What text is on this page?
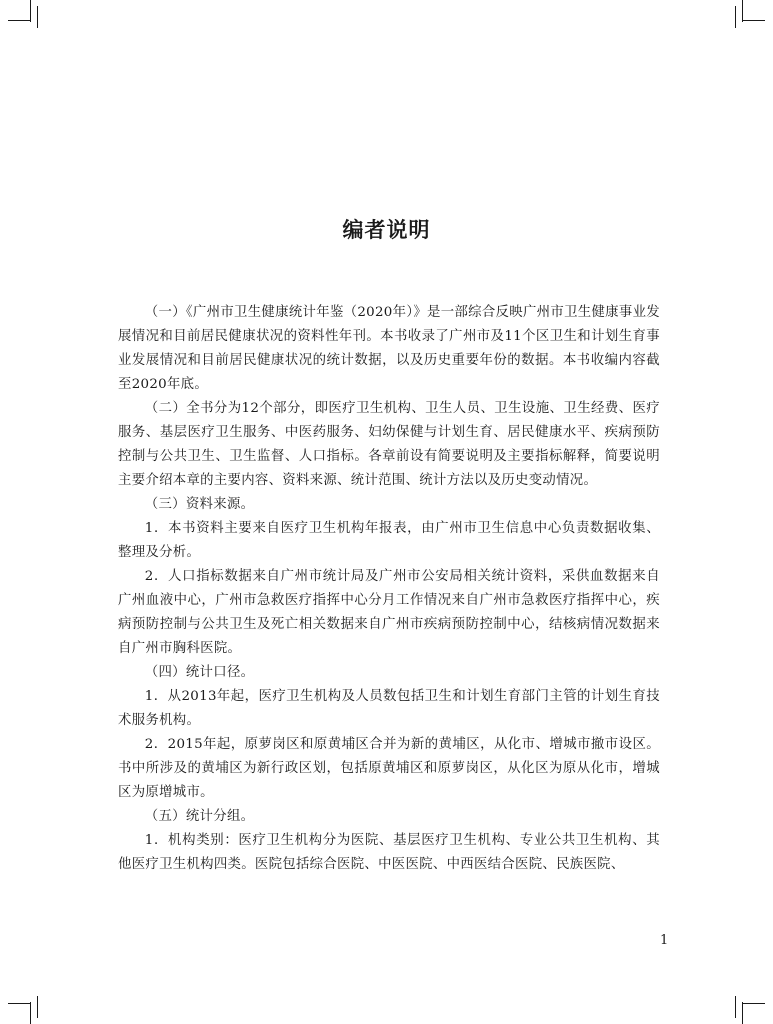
编者说明

（一）《广州市卫生健康统计年鉴（2020年）》是一部综合反映广州市卫生健康事业发展情况和目前居民健康状况的资料性年刊。本书收录了广州市及11个区卫生和计划生育事业发展情况和目前居民健康状况的统计数据，以及历史重要年份的数据。本书收编内容截至2020年底。

（二）全书分为12个部分，即医疗卫生机构、卫生人员、卫生设施、卫生经费、医疗服务、基层医疗卫生服务、中医药服务、妇幼保健与计划生育、居民健康水平、疾病预防控制与公共卫生、卫生监督、人口指标。各章前设有简要说明及主要指标解释，简要说明主要介绍本章的主要内容、资料来源、统计范围、统计方法以及历史变动情况。

（三）资料来源。

1．本书资料主要来自医疗卫生机构年报表，由广州市卫生信息中心负责数据收集、整理及分析。

2．人口指标数据来自广州市统计局及广州市公安局相关统计资料，采供血数据来自广州血液中心，广州市急救医疗指挥中心分月工作情况来自广州市急救医疗指挥中心，疾病预防控制与公共卫生及死亡相关数据来自广州市疾病预防控制中心，结核病情况数据来自广州市胸科医院。

（四）统计口径。

1．从2013年起，医疗卫生机构及人员数包括卫生和计划生育部门主管的计划生育技术服务机构。

2．2015年起，原萝岗区和原黄埔区合并为新的黄埔区，从化市、增城市撤市设区。书中所涉及的黄埔区为新行政区划，包括原黄埔区和原萝岗区，从化区为原从化市，增城区为原增城市。

（五）统计分组。

1．机构类别：医疗卫生机构分为医院、基层医疗卫生机构、专业公共卫生机构、其他医疗卫生机构四类。医院包括综合医院、中医医院、中西医结合医院、民族医院、

1
